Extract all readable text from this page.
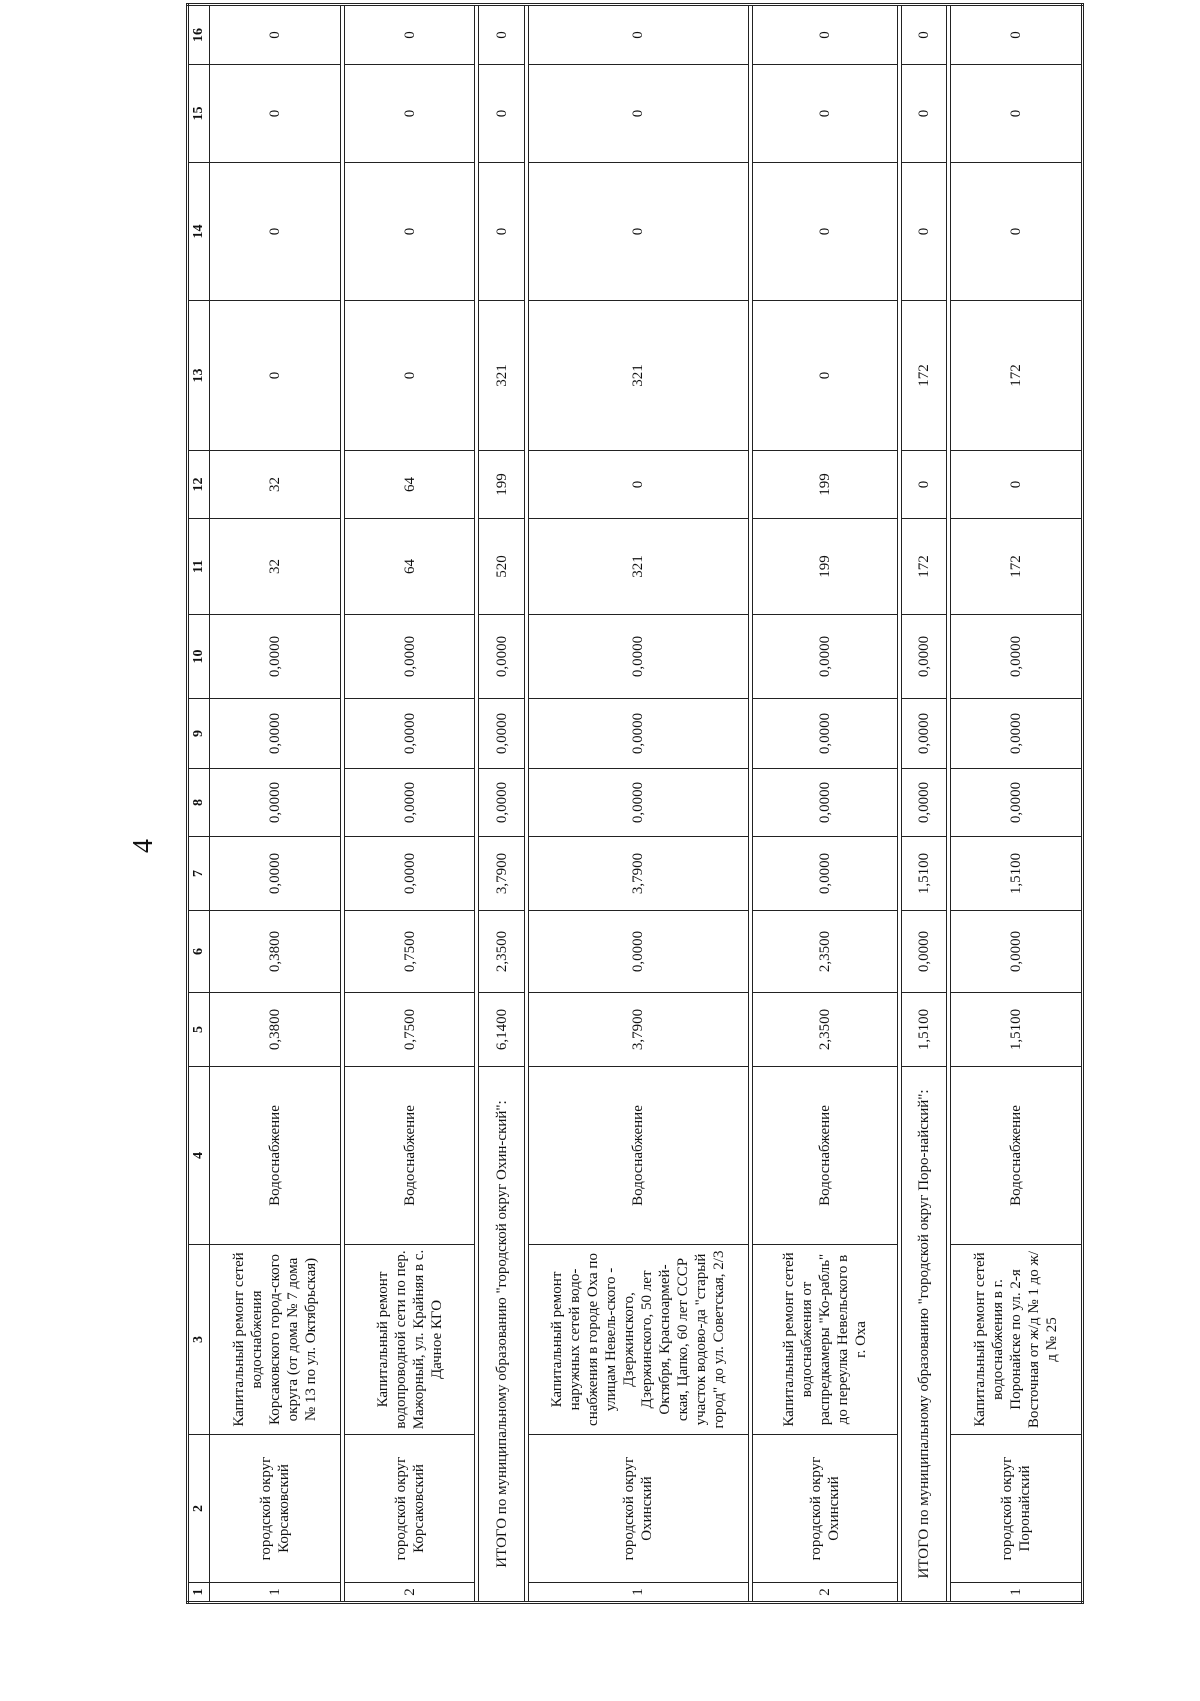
4
1	2	3	4	5	6	7	8	9	10	11	12	13	14	15	16
1	городской округ Корсаковский	Капитальный ремонт сетей водоснабжения Корсаковского город-ского округа (от дома № 7 дома № 13 по ул. Октябрьская)	Водоснабжение	0,3800	0,3800	0,0000	0,0000	0,0000	0,0000	32	32	0	0	0	0

2	городской округ Корсаковский	Капитальный ремонт водопроводной сети по пер. Мажорный, ул. Крайняя в с. Дачное КГО	Водоснабжение	0,7500	0,7500	0,0000	0,0000	0,0000	0,0000	64	64	0	0	0	0

ИТОГО по муниципальному образованию "городской округ Охин-ский":				6,1400	2,3500	3,7900	0,0000	0,0000	0,0000	520	199	321	0	0	0

1	городской округ Охинский	Капитальный ремонт наружных сетей водо-снабжения в городе Оха по улицам Невель-ского - Дзержинского, Дзержинского, 50 лет Октября, Красноармей-ская, Цапко, 60 лет СССР участок водово-да "старый город" до ул. Советская, 2/3	Водоснабжение	3,7900	0,0000	3,7900	0,0000	0,0000	0,0000	321	0	321	0	0	0

2	городской округ Охинский	Капитальный ремонт сетей водоснабжения от распредкамеры "Ко-рабль" до переулка Невельского в г. Оха	Водоснабжение	2,3500	2,3500	0,0000	0,0000	0,0000	0,0000	199	199	0	0	0	0

ИТОГО по муниципальному образованию "городской округ Поро-найский":				1,5100	0,0000	1,5100	0,0000	0,0000	0,0000	172	0	172	0	0	0

1	городской округ Поронайский	Капитальный ремонт сетей водоснабжения в г. Поронайске по ул. 2-я Восточная от ж/д № 1 до ж/д № 25	Водоснабжение	1,5100	0,0000	1,5100	0,0000	0,0000	0,0000	172	0	172	0	0	0
